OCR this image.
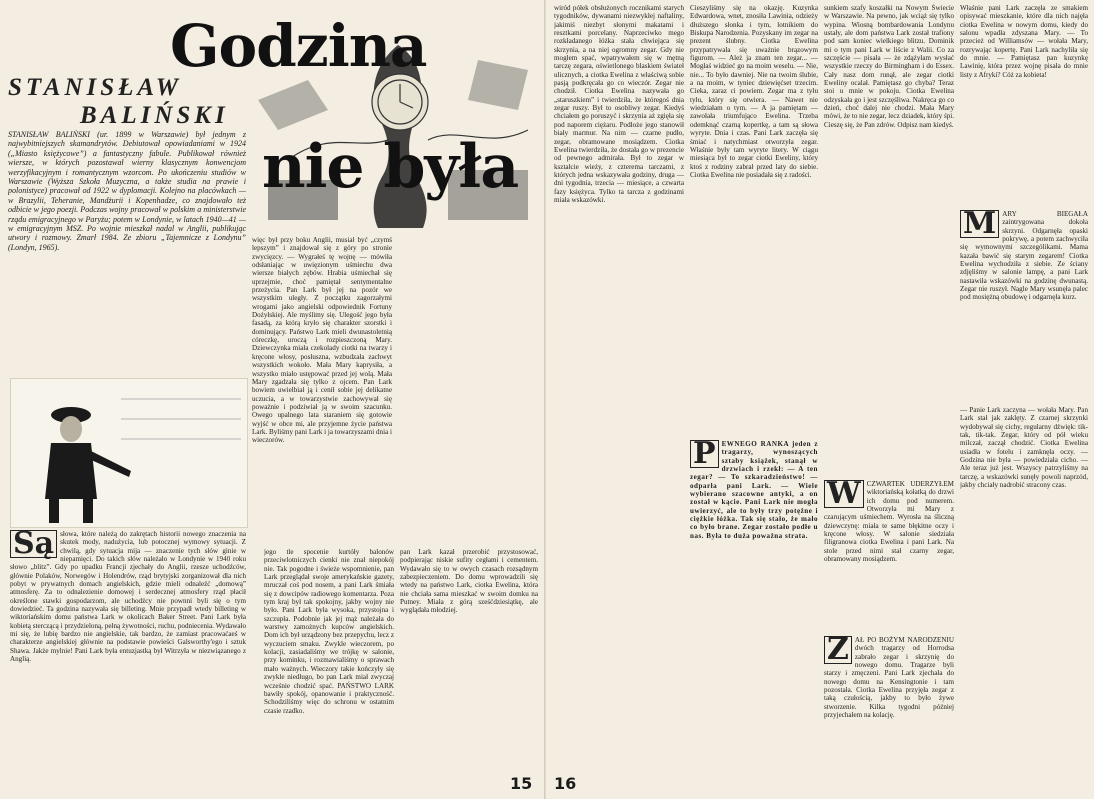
Godzina
nie była
STANISŁAW
BALIŃSKI
STANISŁAW BALIŃSKI (ur. 1899 w Warszawie) był jednym z najwybitniejszych skamandrytów. Debiutował opowiadaniami w 1924 („Miasto księżycowe”) a fantastyczny fabule. Publikował również wiersze, w których pozostawał wierny klasycznym konwencjom werzyfikacyjnym i romantycznym wzorcom. Po ukończeniu studiów w Warszawie (Wyższa Szkoła Muzyczna, a także studia na prawie i polonistyce) pracował od 1922 w dyplomacji. Kolejno na placówkach — w Brazylii, Teheranie, Mandżurii i Kopenhadze, co znajdowało też odbicie w jego poezji. Podczas wojny pracował w polskim a ministerstwie rządu emigracyjnego w Paryżu; potem w Londynie, w latach 1940—41 — w emigracyjnym MSZ. Po wojnie mieszkał nadal w Anglii, publikując utwory i rozmowy. Zmarł 1984. Ze zbioru „Tajemnicze z Londynu” (Londyn, 1965).
Są słowa, które należą do zakrętach historii nowego znaczenia na skutek mody, nadużycia, lub potocznej wymowy sytuacji. Z chwilą, gdy sytuacja mija — znaczenie tych słów ginie w niepamięci. Do takich słów należało w Londynie w 1940 roku słowo „blitz”. Gdy po upadku Francji zjechały do Anglii, rzesze uchodźców, głównie Polaków, Norwegów i Holendrów, rząd brytyjski zorganizował dla nich pobyt w prywatnych domach angielskich, gdzie mieli odnaleźć „domową” atmosferę. Za to odnalezienie domowej i serdecznej atmosfery rząd płacił określone stawki gospodarzom, ale uchodźcy nie pownni byli się o tym dowiedzieć. Ta godzina nazywała się billeting. Mnie przypadł wtedy billeting w wiktoriańskim domu państwa Lark w okolicach Baker Street. Pani Lark była kobietą sterczącą i przydzieloną, pełną żywotności, ruchu, podniecenia. Wydawało mi się, że lubię bardzo nie angielskie, tak bardzo, że zamiast pracowaćaeś w charakterze angielskiej głównie na podstawie powieści Galsworthy'ego i sztuk Shawa. Jakże mylnie! Pani Lark była entuzjastką był Witrzyła w niezwiązanego z Anglią.
więc był przy boku Anglii, musiał być „czymś lepszym” i znajdował się z góry po stronie zwycięzcy. — Wygrałeś tę wojnę — mówiła odsłaniając w uwięzionym uśmiechu dwa wiersze białych zębów. Hrabia uśmiechał się uprzejmie, choć pamiętał sentymentalne przeżycia. Pan Lark był jej na pozór we wszystkim uległy. Z początku zagorzałymi wrogami jako angielski odpowiednik Fortuny Dożyłskiej. Ale myślimy się. Ulegość jego była fasadą, za którą kryło się charakter szorstki i dominujący. Państwo Lark mieli dwunastoletnią córeczkę, uroczą i rozpieszczoną Mary. Dziewczynka miała czekolady ciotki na twarzy i kręcone włosy, posłuszna, wzbudzała zachwyt wszystkich wokoło. Mała Mary kaprysiła, a wszystko miało ustępować przed jej wolą. Mała Mary zgadzała się tylko z ojcem. Pan Lark bowiem uwielbiał ją i cenił sobie jej delikatne uczucia, a w towarzystwie zachowywał się poważnie i podziwiał ją w swoim szacunku. Owego upalnego lata staraniem się gotowie wyjść w obce mi, ale przyjemne życie państwa Lark. Byliśmy pani Lark i ja towarzyszami dnia i wieczorów.
jego tle spocenie kurtóły balonów przeciwlotniczych cienki nie znał niepokój nie. Tak pogodne i świeże wspomnienie, pan Lark przeglądał swoje amerykańskie gazety, mruczał coś pod nosem, a pani Lark śmiała się z dowcipów radiowego komentarza. Poza tym kraj był tak spokojny, jakby wojny nie było. Pani Lark była wysoka, przystojna i szczupła. Podobnie jak jej mąż należała do warstwy zamożnych kupców angielskich. Dom ich był urządzony bez przepychu, lecz z wyczuciem smaku. Zwykle wieczorem, po kolacji, zasiadaliśmy we trójkę w salonie, przy kominku, i rozmawialiśmy o sprawach mało ważnych. Wieczory takie kończyły się zwykle niedługo, bo pan Lark miał zwyczaj wcześnie chodzić spać. PAŃSTWO LARK bawiły spokój, opanowanie i praktyczność. Schodziliśmy więc do schronu w ostatnim czasie rzadko.
pan Lark kazał przerobić przystosować, podpierając niskie sufity cegłami i cementem. Wydawało się to w owych czasach rozsądnym zabezpieczeniem. Do domu wprowadzili się wtedy na państwo Lark, ciotka Ewelina, która nie chciała sama mieszkać w swoim domku na Putney. Miała z górą sześćdziesiątkę, ale wyglądała młodziej.
15
wiród półek obsłużonych rocznikami starych tygodników, dywanami niezwykłej naftaliny, jakimiś niezbyt słonymi makatami i resztkami porcelany. Naprzeciwko mego rozkładanego łóżka stała chwiejąca się skrzynia, a na niej ogromny zegar. Gdy nie mogłem spać, wpatrywałem się w mętną tarczę zegara, oświetlonego blaskiem świateł ulicznych, a ciotka Ewelina z właściwą sobie pasją podkręcała go co wieczór. Zegar nie chodził. Ciotka Ewelina nazywała go „staruszkiem” i twierdziła, że któregoś dnia zegar ruszy. Był to osobliwy zegar. Kiedyś chciałem go poruszyć i skrzynia aż zgięła się pod naporem ciężaru. Podłoże jego stanowił biały marmur. Na nim — czarne pudło, zegar, obramowane mosiądzem. Ciotka Ewelina twierdziła, że dostała go w prezencie od pewnego admirała. Był to zegar w kształcie wieży, z czterema tarczami, z których jedna wskazywała godziny, druga — dni tygodnia, trzecia — miesiące, a czwarta fazy księżyca. Tylko ta tarcza z godzinami miała wskazówki.
Cieszyliśmy się na okazję. Kuzynka Edwardowa, wnet, znosiła Lawinia, odzieży dłuższego słonka i tym, lotnikiem do Biskupa Narodzenia. Pozyskany im zegar na prezent ślubny. Ciotka Ewelina przypatrywała się uważnie brązowym figurom. — Ależ ja znam ten zegar... — Mogłaś widzieć go na moim weselu. — Nie, nie... To było dawniej. Nie na twoim ślubie, a na moim, w tyniec dziewięćset trzecim. Cieka, zaraz ci powiem. Zegar ma z tyłu tyłu, który się otwiera. — Nawet nie wiedziałam o tym. — A ja pamiętam — zawołała triumfująco Ewelina. Trzeba odemknąć czarną kopertkę, a tam są słowa wyryte. Dnia i czas. Pani Lark zaczęła się śmiać i natychmiast otworzyła zegar. Właśnie były tam wyryte litery. W ciągu miesiąca był to zegar ciotki Eweliny, który ktoś z rodziny zabrał przed laty do siebie. Ciotka Ewelina nie posiadała się z radości.
P EWNEGO RANKA jeden z tragarzy, wynoszących sztaby książek, stanął w drzwiach i rzekł: — A ten zegar? — To szkaradzieństwo! — odparła pani Lark. — Wiele wybierano szacowne antyki, a on został w kącie. Pani Lark nie mogła uwierzyć, ale to były trzy potężne i ciężkie łóżka. Tak się stało, że mało co było brane. Zegar zostało podłe u nas. Była to duża poważna strata.
sunkiem szafy koszałki na Nowym Świecie w Warszawie. Na pewno, jak wciąż się tylko wypina. Wiosną bombardowania Londynu ustały, ale dom państwa Lark został trafiony pod sam koniec wielkiego blitzu. Dominik mi o tym pani Lark w liście z Walii. Co za szczęście — pisała — że zdążyłam wysłać wszystkie rzeczy do Birmingham i do Essex. Cały nasz dom runął, ale zegar ciotki Eweliny ocalał. Pamiętasz go chyba? Teraz stoi u mnie w pokoju. Ciotka Ewelina odzyskała go i jest szczęśliwa. Nakręca go co dzień, choć dalej nie chodzi. Mała Mary mówi, że to nie zegar, lecz dziadek, który śpi. Cieszę się, że Pan zdrów. Odpisz nam kiedyś.
W CZWARTEK UDERZYŁEM wiktoriańską kołatką do drzwi ich domu pod numerem. Otworzyła mi Mary z czarującym uśmiechem. Wyrosła na śliczną dziewczynę: miała te same błękitne oczy i kręcone włosy. W salonie siedziała filigranowa ciotka Ewelina i pani Lark. Na stole przed nimi stał czarny zegar, obramowany mosiądzem.
Z AŁ PO BOŻYM NARODZENIU dwóch tragarzy od Horrodsa zabrało zegar i skrzynię do nowego domu. Tragarze byli starzy i zmęczeni. Pani Lark zjechała do nowego domu na Kensingtonie i tam pozostała. Ciotka Ewelina przyjęła zegar z taką czułością, jakby to było żywe stworzenie. Kilka tygodni później przyjechałem na kolację.
Właśnie pani Lark zaczęła ze smakiem opisywać mieszkanie, które dla nich najęła ciotka Ewelina w nowym domu, kiedy do salonu wpadła zdyszana Mary. — To przecież od Williamsów — wołała Mary, rozrywając kopertę. Pani Lark nachyliła się do mnie. — Pamiętasz pan kuzynkę Lawinię, która przez wojnę pisała do mnie listy z Afryki? Cóż za kobieta!
M ARY BIEGAŁA zaintrygowana dokoła skrzyni. Odgarnęła opaski pokrywę, a potem zachwyciła się wymownymi szczególikami. Mama kazała bawić się starym zegarem! Ciotka Ewelina wychodziła z siebie. Ze ściany zdjęliśmy w salonie lampę, a pani Lark nastawiła wskazówki na godzinę dwunastą. Zegar nie ruszył. Nagle Mary wsunęła palec pod mosiężną obudowę i odgarnęła kurz.
— Panie Lark zaczyna — wołała Mary. Pan Lark stał jak zaklęty. Z czarnej skrzynki wydobywał się cichy, regularny dźwięk: tik-tak, tik-tak. Zegar, który od pół wieku milczał, zaczął chodzić. Ciotka Ewelina usiadła w fotelu i zamknęła oczy. — Godzina nie była — powiedziała cicho. — Ale teraz już jest. Wszyscy patrzyliśmy na tarczę, a wskazówki sunęły powoli naprzód, jakby chciały nadrobić stracony czas.
16
